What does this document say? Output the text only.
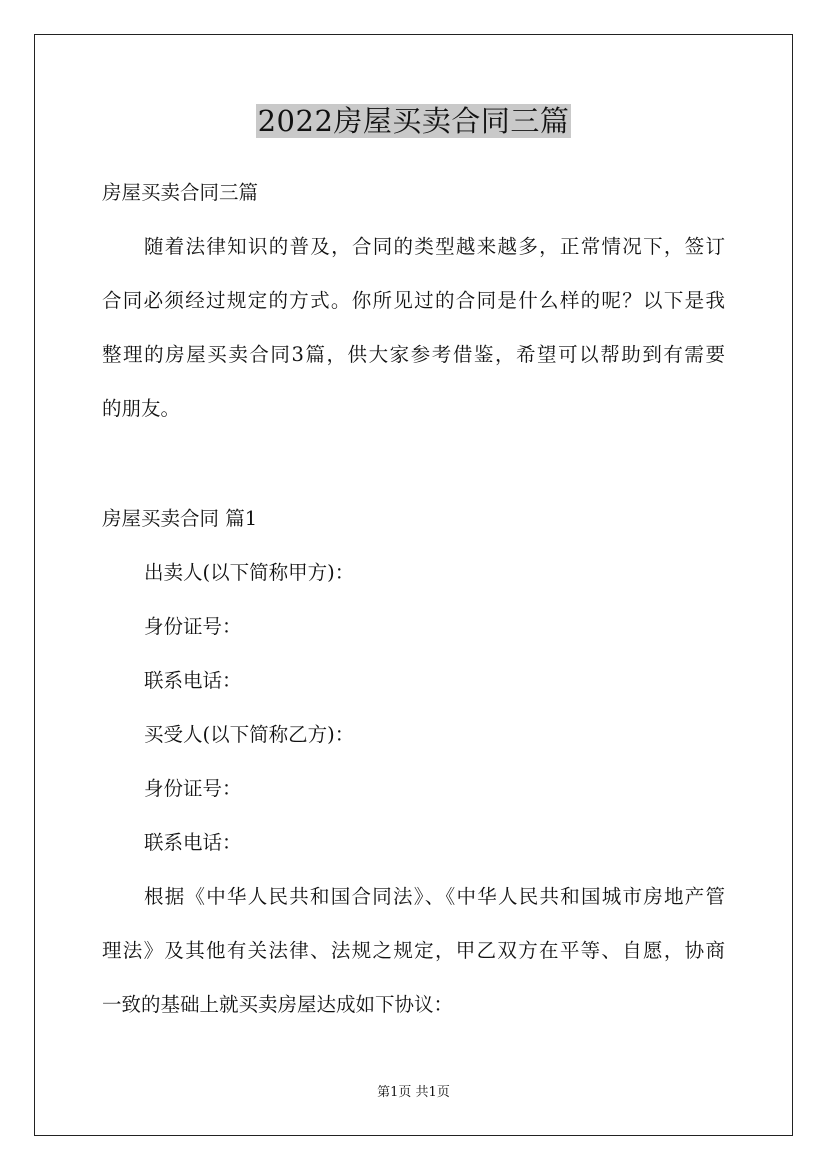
2022房屋买卖合同三篇
房屋买卖合同三篇
随着法律知识的普及，合同的类型越来越多，正常情况下，签订
合同必须经过规定的方式。你所见过的合同是什么样的呢？以下是我
整理的房屋买卖合同3篇，供大家参考借鉴，希望可以帮助到有需要
的朋友。
房屋买卖合同 篇1
出卖人(以下简称甲方)：
身份证号：
联系电话：
买受人(以下简称乙方)：
身份证号：
联系电话：
根据《中华人民共和国合同法》、《中华人民共和国城市房地产管
理法》及其他有关法律、法规之规定，甲乙双方在平等、自愿，协商
一致的基础上就买卖房屋达成如下协议：
第1页 共1页
